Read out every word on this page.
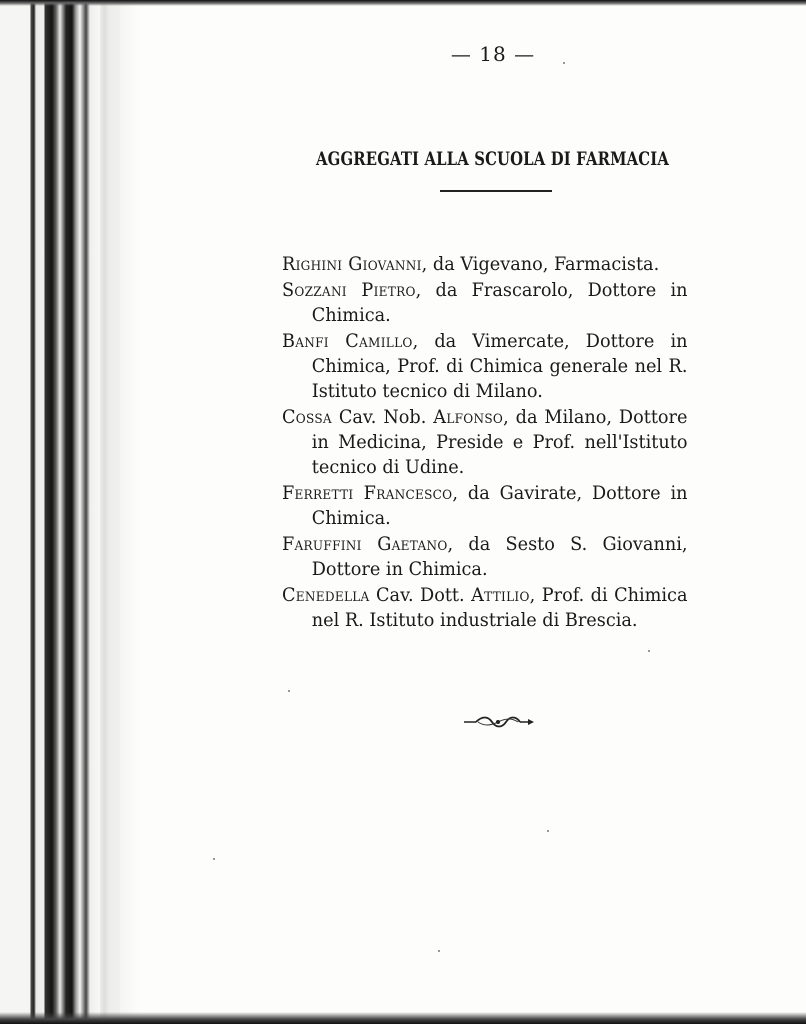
— 18 —
AGGREGATI ALLA SCUOLA DI FARMACIA

Righini Giovanni, da Vigevano, Farmacista.

Sozzani Pietro, da Frascarolo, Dottore in Chimica.

Banfi Camillo, da Vimercate, Dottore in Chimica, Prof. di Chimica generale nel R. Istituto tecnico di Milano.

Cossa Cav. Nob. Alfonso, da Milano, Dottore in Medicina, Preside e Prof. nell'Istituto tecnico di Udine.

Ferretti Francesco, da Gavirate, Dottore in Chimica.

Faruffini Gaetano, da Sesto S. Giovanni, Dottore in Chimica.

Cenedella Cav. Dott. Attilio, Prof. di Chimica nel R. Istituto industriale di Brescia.
